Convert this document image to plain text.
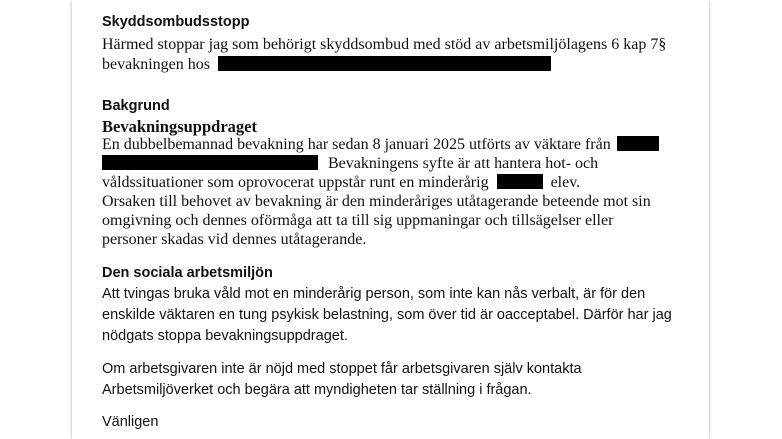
Skyddsombudsstopp
Härmed stoppar jag som behörigt skyddsombud med stöd av arbetsmiljölagens 6 kap 7§
bevakningen hos
Bakgrund
Bevakningsuppdraget
En dubbelbemannad bevakning har sedan 8 januari 2025 utförts av väktare från
Bevakningens syfte är att hantera hot- och
våldssituationer som oprovocerat uppstår runt en minderårig	elev.
Orsaken till behovet av bevakning är den minderåriges utåtagerande beteende mot sin
omgivning och dennes oförmåga att ta till sig uppmaningar och tillsägelser eller
personer skadas vid dennes utåtagerande.
Den sociala arbetsmiljön
Att tvingas bruka våld mot en minderårig person, som inte kan nås verbalt, är för den
enskilde väktaren en tung psykisk belastning, som över tid är oacceptabel. Därför har jag
nödgats stoppa bevakningsuppdraget.
Om arbetsgivaren inte är nöjd med stoppet får arbetsgivaren själv kontakta
Arbetsmiljöverket och begära att myndigheten tar ställning i frågan.
Vänligen
